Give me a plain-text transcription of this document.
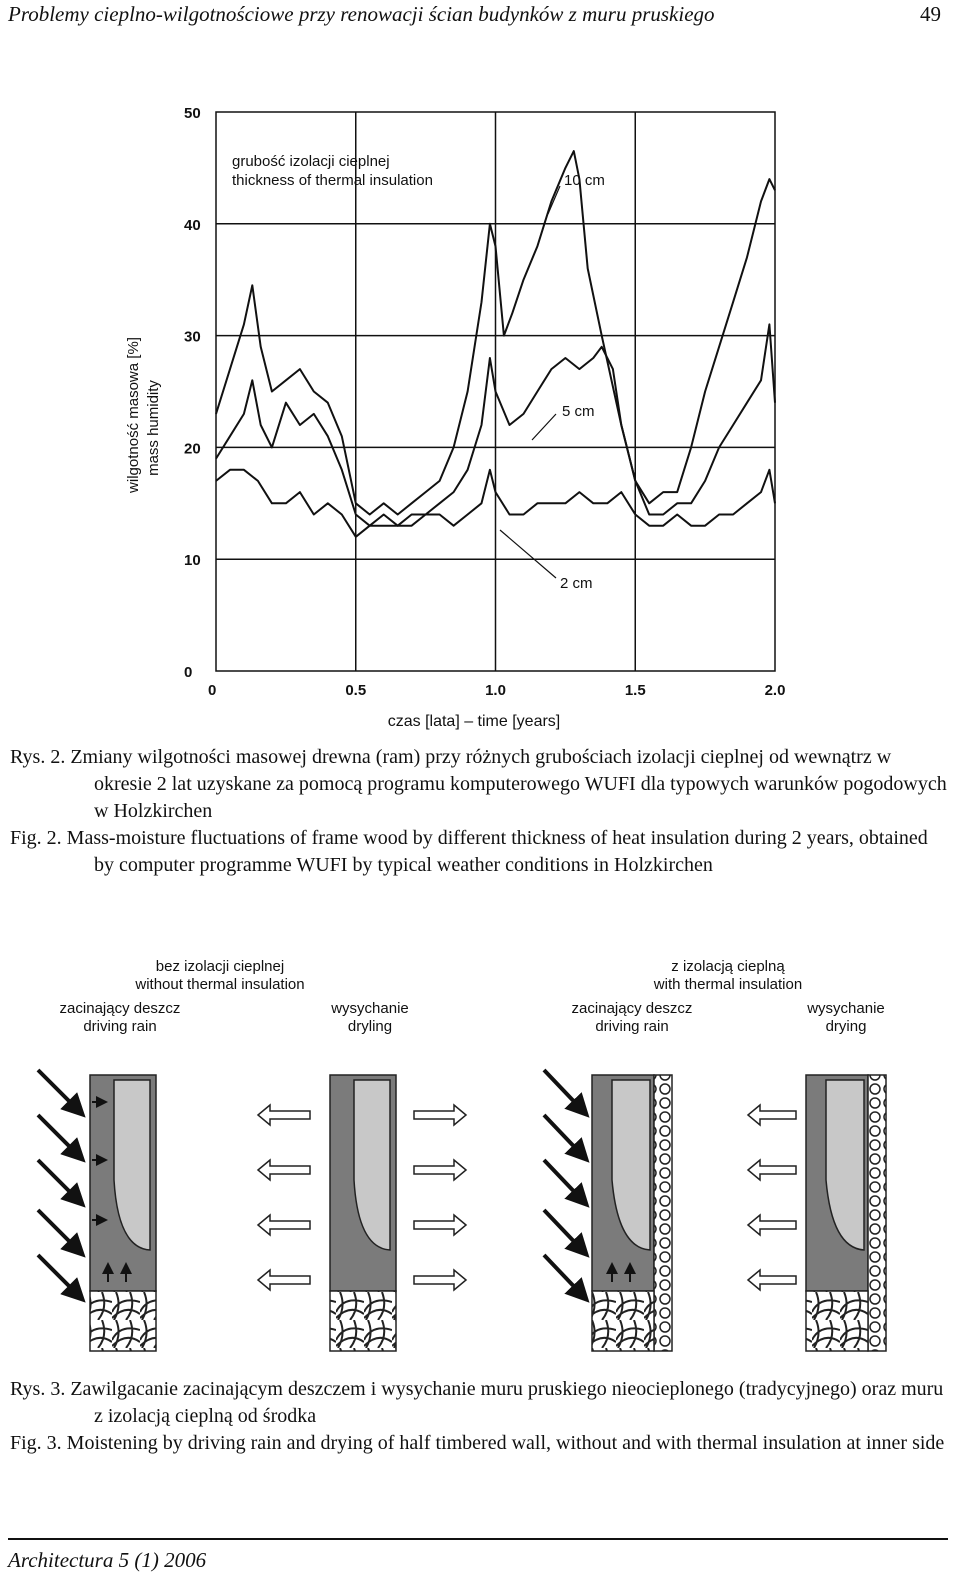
Problemy cieplno-wilgotnościowe przy renowacji ścian budynków z muru pruskiego	49
0
10
20
30
40
50
0	0.5	1.0	1.5	2.0
grubość izolacji cieplnej
thickness of thermal insulation
wilgotność masowa [%] mass humidity
czas [lata] – time [years]
10 cm
5 cm
2 cm
Rys. 2. Zmiany wilgotności masowej drewna (ram) przy różnych grubościach izolacji cieplnej od wewnątrz w okresie 2 lat uzyskane za pomocą programu komputerowego WUFI dla typowych warunków pogodowych w Holzkirchen
Fig. 2. Mass-moisture fluctuations of frame wood by different thickness of heat insulation during 2 years, obtained by computer programme WUFI by typical weather conditions in Holzkirchen
bez izolacji cieplnej
without thermal insulation
z izolacją cieplną
with thermal insulation
zacinający deszcz
driving rain
wysychanie
dryling
zacinający deszcz
driving rain
wysychanie
drying
Rys. 3. Zawilgacanie zacinającym deszczem i wysychanie muru pruskiego nieocieplonego (tradycyjnego) oraz muru z izolacją cieplną od środka
Fig. 3. Moistening by driving rain and drying of half timbered wall, without and with thermal insulation at inner side
Architectura 5 (1) 2006
